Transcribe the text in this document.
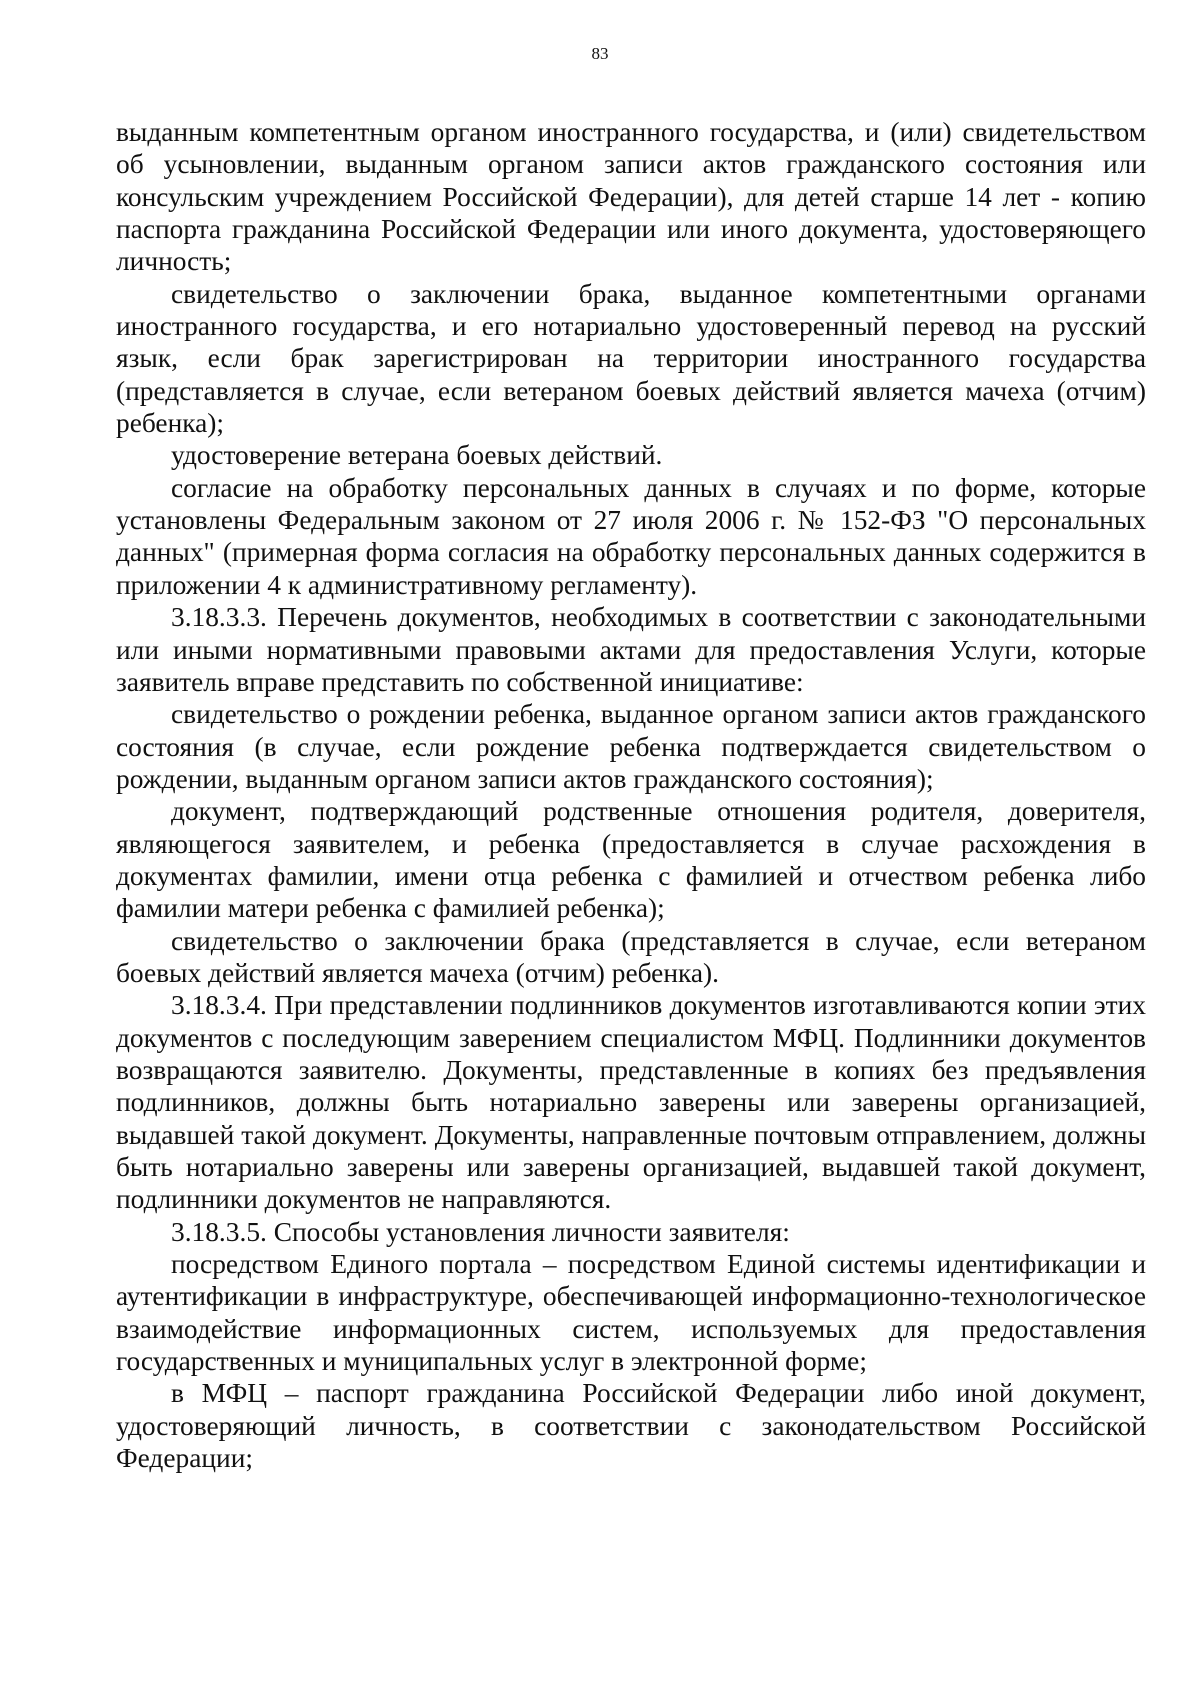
83

выданным компетентным органом иностранного государства, и (или) свидетельством об усыновлении, выданным органом записи актов гражданского состояния или консульским учреждением Российской Федерации), для детей старше 14 лет - копию паспорта гражданина Российской Федерации или иного документа, удостоверяющего личность;

свидетельство о заключении брака, выданное компетентными органами иностранного государства, и его нотариально удостоверенный перевод на русский язык, если брак зарегистрирован на территории иностранного государства (представляется в случае, если ветераном боевых действий является мачеха (отчим) ребенка);

удостоверение ветерана боевых действий.

согласие на обработку персональных данных в случаях и по форме, которые установлены Федеральным законом от 27 июля 2006 г. № 152-ФЗ "О персональных данных" (примерная форма согласия на обработку персональных данных содержится в приложении 4 к административному регламенту).

3.18.3.3. Перечень документов, необходимых в соответствии с законодательными или иными нормативными правовыми актами для предоставления Услуги, которые заявитель вправе представить по собственной инициативе:

свидетельство о рождении ребенка, выданное органом записи актов гражданского состояния (в случае, если рождение ребенка подтверждается свидетельством о рождении, выданным органом записи актов гражданского состояния);

документ, подтверждающий родственные отношения родителя, доверителя, являющегося заявителем, и ребенка (предоставляется в случае расхождения в документах фамилии, имени отца ребенка с фамилией и отчеством ребенка либо фамилии матери ребенка с фамилией ребенка);

свидетельство о заключении брака (представляется в случае, если ветераном боевых действий является мачеха (отчим) ребенка).

3.18.3.4. При представлении подлинников документов изготавливаются копии этих документов с последующим заверением специалистом МФЦ. Подлинники документов возвращаются заявителю. Документы, представленные в копиях без предъявления подлинников, должны быть нотариально заверены или заверены организацией, выдавшей такой документ. Документы, направленные почтовым отправлением, должны быть нотариально заверены или заверены организацией, выдавшей такой документ, подлинники документов не направляются.

3.18.3.5. Способы установления личности заявителя:

посредством Единого портала – посредством Единой системы идентификации и аутентификации в инфраструктуре, обеспечивающей информационно-технологическое взаимодействие информационных систем, используемых для предоставления государственных и муниципальных услуг в электронной форме;

в МФЦ – паспорт гражданина Российской Федерации либо иной документ, удостоверяющий личность, в соответствии с законодательством Российской Федерации;
